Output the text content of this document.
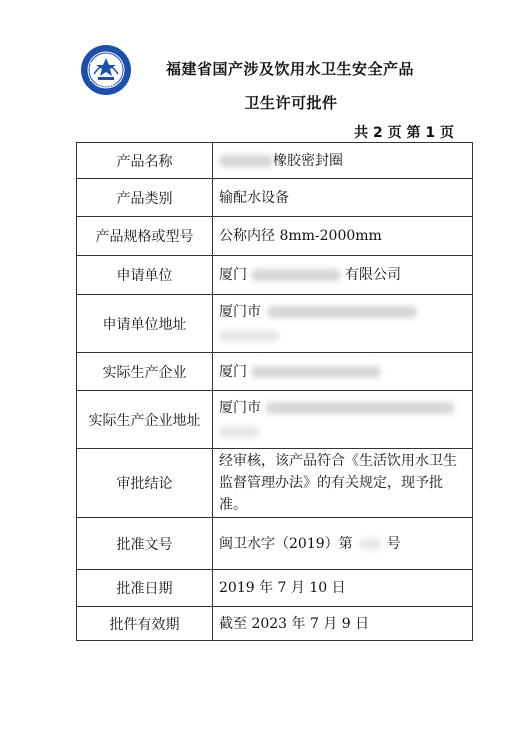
福建省国产涉及饮用水卫生安全产品
卫生许可批件
共 2 页 第 1 页
产品名称	橡胶密封圈
产品类别	输配水设备
产品规格或型号	公称内径 8mm-2000mm
申请单位	厦门 有限公司
申请单位地址	厦门市

实际生产企业	厦门
实际生产企业地址	厦门市

审批结论	经审核，该产品符合《生活饮用水卫生监督管理办法》的有关规定，现予批准。
批准文号	闽卫水字（2019）第 号
批准日期	2019 年 7 月 10 日
批件有效期	截至 2023 年 7 月 9 日
